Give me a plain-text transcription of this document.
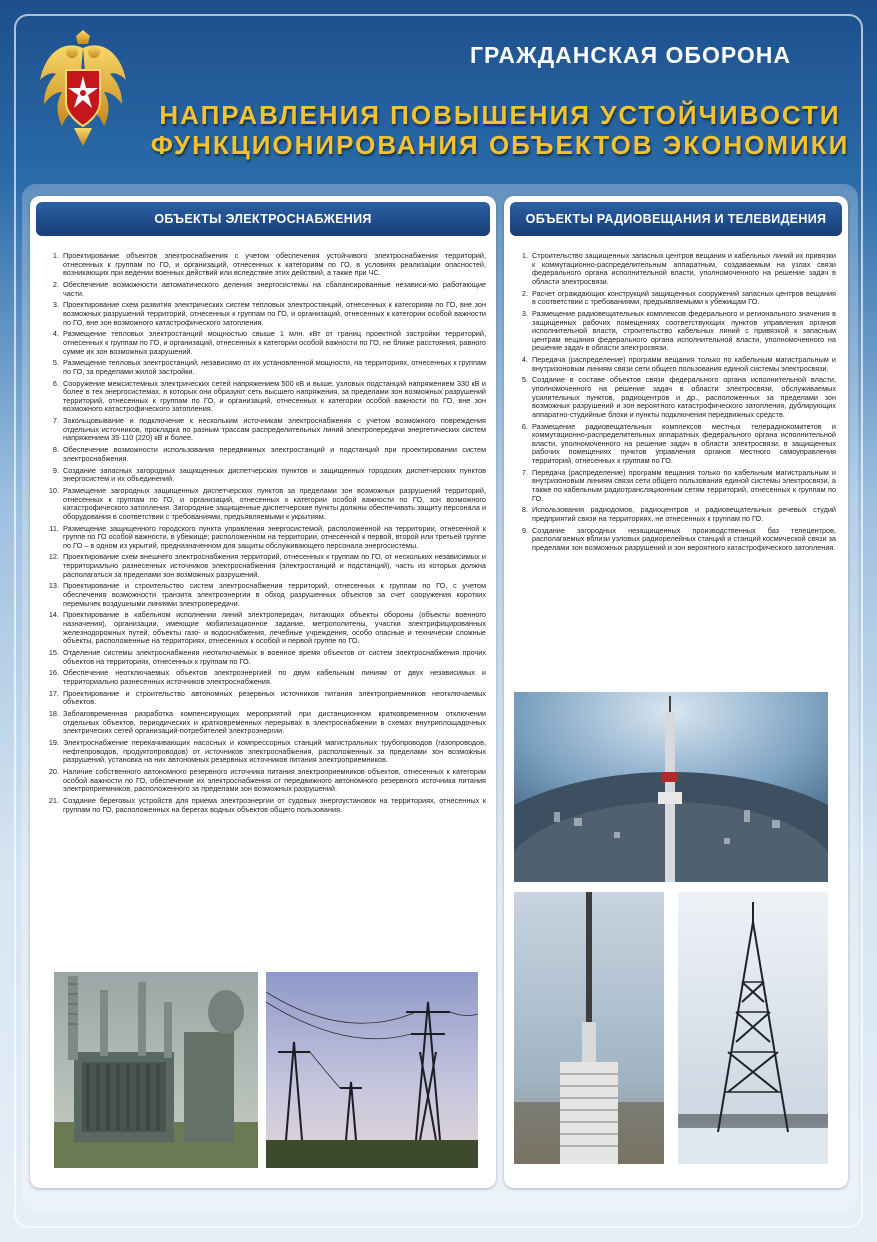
ГРАЖДАНСКАЯ ОБОРОНА
НАПРАВЛЕНИЯ ПОВЫШЕНИЯ УСТОЙЧИВОСТИ
ФУНКЦИОНИРОВАНИЯ ОБЪЕКТОВ ЭКОНОМИКИ
ОБЪЕКТЫ ЭЛЕКТРОСНАБЖЕНИЯ
1. Проектирование объектов электроснабжения с учетом обеспечения устойчивого электроснабжения территорий, отнесенных к группам по ГО, и организаций, отнесенных к категориям по ГО, в условиях реализации опасностей, возникающих при ведении военных действий или вследствие этих действий, а также при ЧС.
2. Обеспечение возможности автоматического деления энергосистемы на сбалансированные независи-мо работающие части.
3. Проектирование схем развития электрических систем тепловых электростанций, отнесенных к категориям по ГО, вне зон возможных разрушений территорий, отнесенных к группам по ГО, и организаций, отнесенных к категории особой важности по ГО, вне зон возможного катастрофического затопления.
4. Размещение тепловых электростанций мощностью свыше 1 млн. кВт от границ проектной застройки территорий, отнесенных к группам по ГО, и организаций, отнесенных к категории особой важности по ГО, не ближе расстояния, равного сумме их зон возможных разрушений.
5. Размещение тепловых электростанций, независимо от их установленной мощности, на территориях, отнесенных к группам по ГО, за пределами жилой застройки.
6. Сооружение межсистемных электрических сетей напряжением 500 кВ и выше, узловых подстанций напряжением 330 кВ и более в тех энергосистемах, в которых они образуют сеть высшего напряжения, за пределами зон возможных разрушений территорий, отнесенных к группам по ГО, и организаций, отнесенных к категории особой важности по ГО, вне зон возможного катастрофического затопления.
7. Закольцовывание и подключение к нескольким источникам электроснабжения с учетом возможного повреждения отдельных источников, прокладка по разным трассам распределительных линий электропередачи энергетических систем напряжением 35-110 (220) кВ и более.
8. Обеспечение возможности использования передвижных электростанций и подстанций при проектировании систем электроснабжения.
9. Создание запасных загородных защищенных диспетчерских пунктов и защищенных городских диспетчерских пунктов энергосистем и их объединений.
10. Размещение загородных защищенных диспетчерских пунктов за пределами зон возможных разрушений территорий, отнесенных к группам по ГО, и организаций, отнесенных к категории особой важности по ГО, зон возможного катастрофического затопления. Загородные защищенные диспетчерские пункты должны обеспечивать защиту персонала и оборудования в соответствии с требованиями, предъявляемыми к укрытиям.
11. Размещение защищенного городского пункта управления энергосистемой, расположенной на территории, отнесенной к группе по ГО особой важности, в убежище; расположенном на территории, отнесенной к первой, второй или третьей группе по ГО – в одном из укрытий, предназначенном для защиты обслуживающего персонала энергосистемы.
12. Проектирование схем внешнего электроснабжения территорий, отнесенных к группам по ГО, от нескольких независимых и территориально разнесенных источников электроснабжения (электростанций и подстанций), часть из которых должна располагаться за пределами зон возможных разрушений.
13. Проектирование и строительство систем электроснабжения территорий, отнесенных к группам по ГО, с учетом обеспечения возможности транзита электроэнергии в обход разрушенных объектов за счет сооружения коротких перемычек воздушными линиями электропередачи.
14. Проектирование в кабельном исполнении линий электропередач, питающих объекты обороны (объекты военного назначения), организации, имеющие мобилизационное задание, метрополитены, участки электрифицированных железнодорожных путей, объекты газо- и водоснабжения, лечебные учреждения, особо опасные и технически сложные объекты, расположенные на территориях, отнесенных к особой и первой группе по ГО.
15. Отделение системы электроснабжения неотключаемых в военное время объектов от систем электроснабжения прочих объектов на территориях, отнесенных к группам по ГО.
16. Обеспечение неотключаемых объектов электроэнергией по двум кабельным линиям от двух независимых и территориально разнесенных источников электроснабжения.
17. Проектирование и строительство автономных резервных источников питания электроприемников неотключаемых объектов.
18. Заблаговременная разработка компенсирующих мероприятий при дистанционном кратковременном отключении отдельных объектов, периодических и кратковременных перерывах в электроснабжении в схемах внутриплощадочных электрических сетей организаций-потребителей электроэнергии.
19. Электроснабжение перекачивающих насосных и компрессорных станций магистральных трубопроводов (газопроводов, нефтепроводов, продуктопроводов) от источников электроснабжения, расположенных за пределами зон возможных разрушений, установка на них автономных резервных источников питания электроприемников.
20. Наличие собственного автономного резервного источника питания электроприемников объектов, отнесенных к категории особой важности по ГО, обеспечение их электроснабжения от передвижного автономного резервного источника питания электроприемников, расположенного за пределами зон возможных разрушений.
21. Создание береговых устройств для приема электроэнергии от судовых энергоустановок на территориях, отнесенных к группам по ГО, расположенных на берегах водных объектов общего пользования.
ОБЪЕКТЫ РАДИОВЕЩАНИЯ И ТЕЛЕВИДЕНИЯ
1. Строительство защищенных запасных центров вещания и кабельных линий их привязки к коммутационно-распределительным аппаратным, создаваемым на узлах связи федерального органа исполнительной власти, уполномоченного на решение задач в области электросвязи.
2. Расчет ограждающих конструкций защищенных сооружений запасных центров вещания в соответствии с требованиями, предъявляемыми к убежищам ГО.
3. Размещение радиовещательных комплексов федерального и регионального значения в защищенных рабочих помещениях соответствующих пунктов управления органов исполнительной власти, строительство кабельных линий с привязкой к запасным центрам вещания федерального органа исполнительной власти, уполномоченного на решение задач в области электросвязи.
4. Передача (распределение) программ вещания только по кабельным магистральным и внутризоновым линиям связи сети общего пользования единой системы электросвязи.
5. Создание в составе объектов связи федерального органа исполнительной власти, уполномоченного на решение задач в области электросвязи, обслуживаемых усилительных пунктов, радиоцентров и др., расположенных за пределами зон возможных разрушений и зон вероятного катастрофического затопления, дублирующих аппаратно-студийные блоки и пункты подключения передвижных средств.
6. Размещение радиовещательных комплексов местных телерадиокомитетов и коммутационно-распределительных аппаратных федерального органа исполнительной власти, уполномоченного на решение задач в области электросвязи, в защищенных рабочих помещениях пунктов управления органов местного самоуправления территорий, отнесенных к группам по ГО.
7. Передача (распределение) программ вещания только по кабельным магистральным и внутризоновым линиям связи сети общего пользования единой системы электросвязи, а также по кабельным радиотрансляционным сетям территорий, отнесенных к группам по ГО.
8. Использования радиодомов, радиоцентров и радиовещательных речевых студий предприятий связи на территориях, не отнесенных к группам по ГО.
9. Создание загородных незащищенных производственных баз телецентров, располагаемых вблизи узловых радиорелейных станций и станций космической связи за пределами зон возможных разрушений и зон вероятного катастрофического затопления.
